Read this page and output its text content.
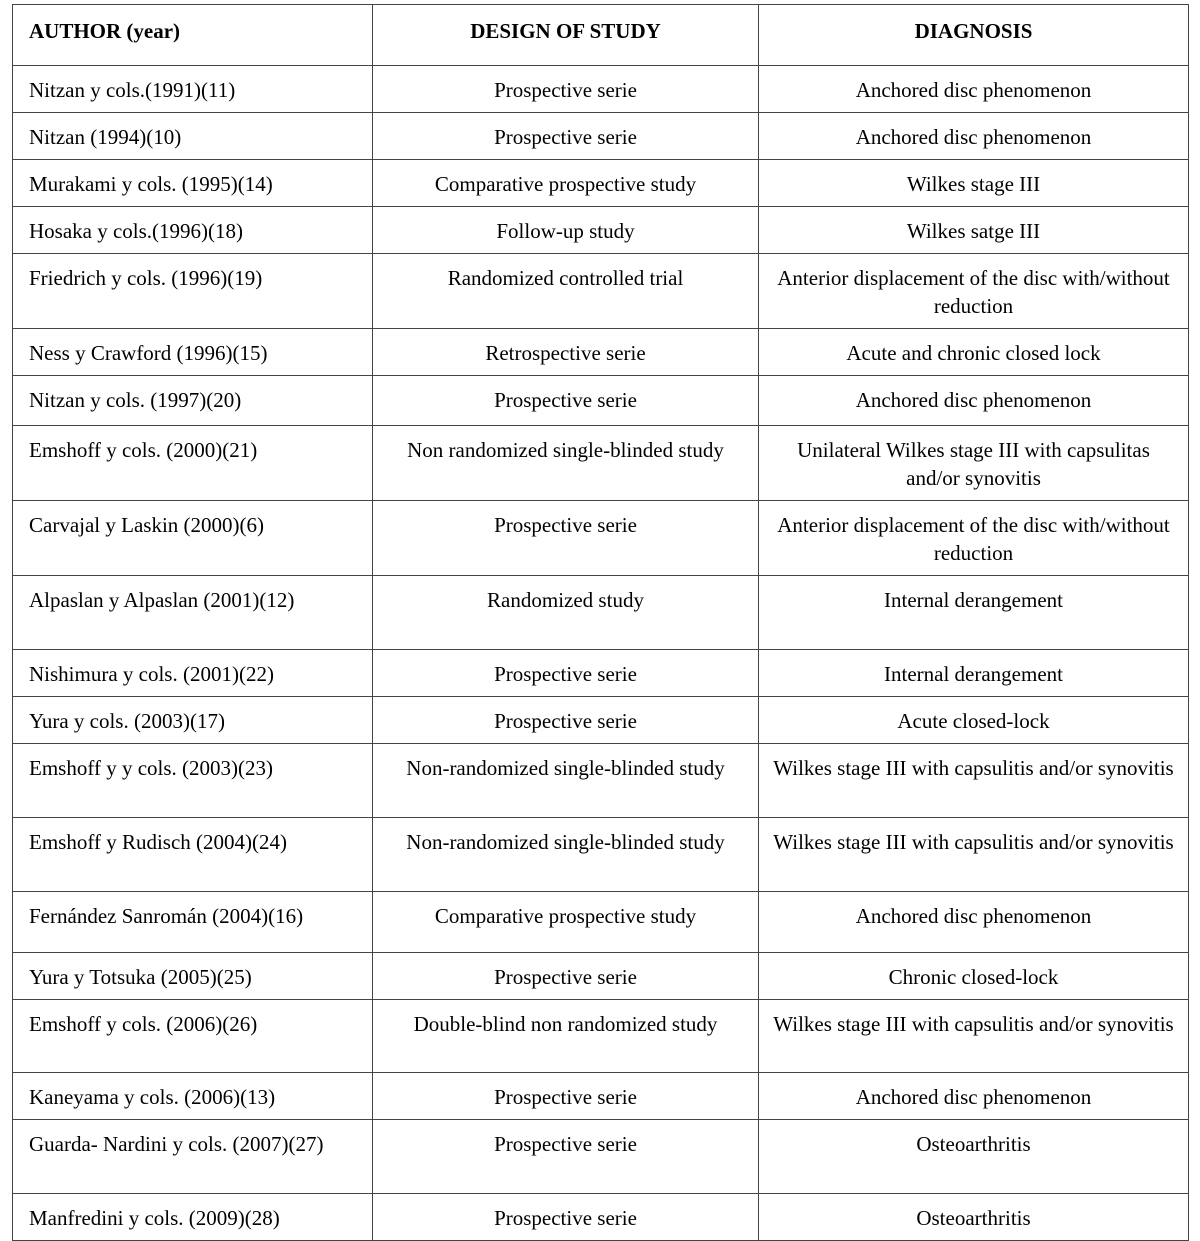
AUTHOR (year)	DESIGN OF STUDY	DIAGNOSIS
Nitzan y cols.(1991)(11)	Prospective serie	Anchored disc phenomenon
Nitzan (1994)(10)	Prospective serie	Anchored disc phenomenon
Murakami y cols. (1995)(14)	Comparative prospective study	Wilkes stage III
Hosaka y cols.(1996)(18)	Follow-up study	Wilkes satge III
Friedrich y cols. (1996)(19)	Randomized controlled trial	Anterior displacement of the disc with/without reduction
Ness y Crawford (1996)(15)	Retrospective serie	Acute and chronic closed lock
Nitzan y cols. (1997)(20)	Prospective serie	Anchored disc phenomenon
Emshoff y cols. (2000)(21)	Non randomized single-blinded study	Unilateral Wilkes stage III with capsulitas and/or synovitis
Carvajal y Laskin (2000)(6)	Prospective serie	Anterior displacement of the disc with/without reduction
Alpaslan y Alpaslan (2001)(12)	Randomized study	Internal derangement
Nishimura y cols. (2001)(22)	Prospective serie	Internal derangement
Yura y cols. (2003)(17)	Prospective serie	Acute closed-lock
Emshoff y y cols. (2003)(23)	Non-randomized single-blinded study	Wilkes stage III with capsulitis and/or synovitis
Emshoff y Rudisch (2004)(24)	Non-randomized single-blinded study	Wilkes stage III with capsulitis and/or synovitis
Fernández Sanromán (2004)(16)	Comparative prospective study	Anchored disc phenomenon
Yura y Totsuka (2005)(25)	Prospective serie	Chronic closed-lock
Emshoff y cols. (2006)(26)	Double-blind non randomized study	Wilkes stage III with capsulitis and/or synovitis
Kaneyama y cols. (2006)(13)	Prospective serie	Anchored disc phenomenon
Guarda- Nardini y cols. (2007)(27)	Prospective serie	Osteoarthritis
Manfredini y cols. (2009)(28)	Prospective serie	Osteoarthritis
